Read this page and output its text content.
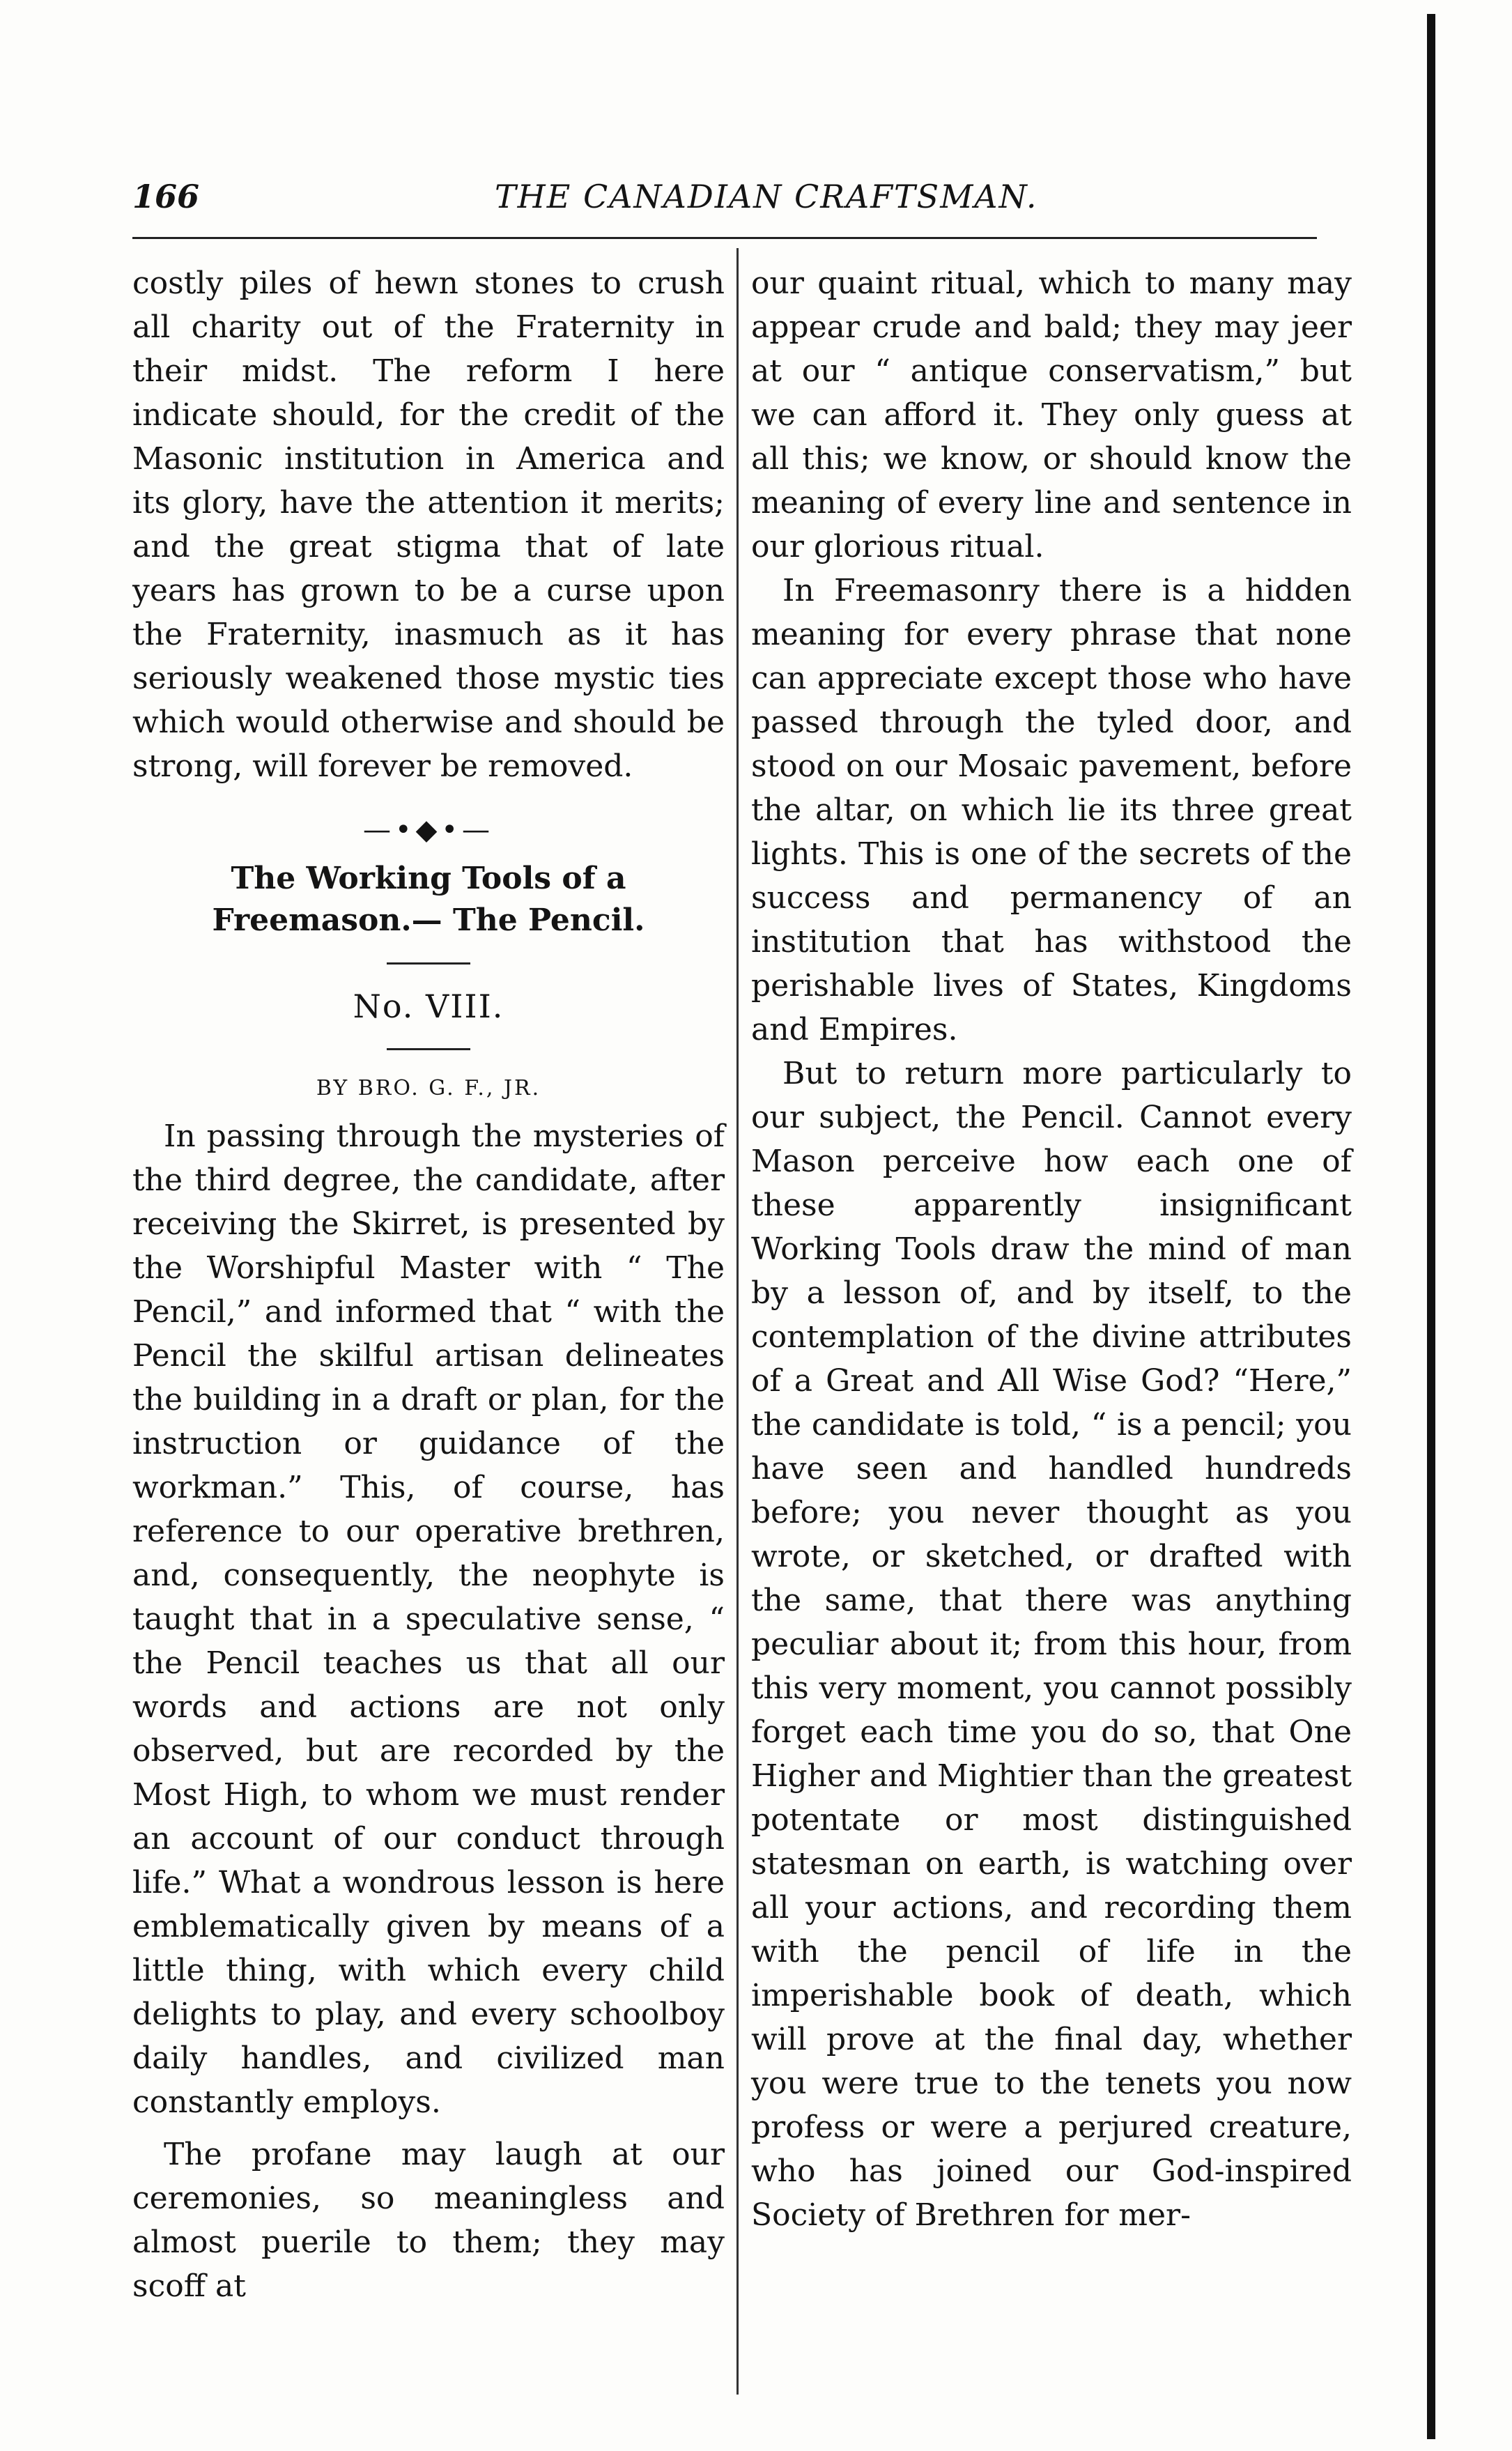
166	THE CANADIAN CRAFTSMAN.

costly piles of hewn stones to crush all charity out of the Fraternity in their midst. The reform I here indicate should, for the credit of the Masonic institution in America and its glory, have the attention it merits; and the great stigma that of late years has grown to be a curse upon the Fraternity, inasmuch as it has seriously weakened those mystic ties which would otherwise and should be strong, will forever be removed.

—•◆•—

The Working Tools of a Freemason.— The Pencil.

No. VIII.
BY BRO. G. F., JR.

In passing through the mysteries of the third degree, the candidate, after receiving the Skirret, is presented by the Worshipful Master with “ The Pencil,” and informed that “ with the Pencil the skilful artisan delineates the building in a draft or plan, for the instruction or guidance of the workman.” This, of course, has reference to our operative brethren, and, consequently, the neophyte is taught that in a speculative sense, “ the Pencil teaches us that all our words and actions are not only observed, but are recorded by the Most High, to whom we must render an account of our conduct through life.” What a wondrous lesson is here emblematically given by means of a little thing, with which every child delights to play, and every schoolboy daily handles, and civilized man constantly employs.

The profane may laugh at our ceremonies, so meaningless and almost puerile to them; they may scoff at

our quaint ritual, which to many may appear crude and bald; they may jeer at our “ antique conservatism,” but we can afford it. They only guess at all this; we know, or should know the meaning of every line and sentence in our glorious ritual.

In Freemasonry there is a hidden meaning for every phrase that none can appreciate except those who have passed through the tyled door, and stood on our Mosaic pavement, before the altar, on which lie its three great lights. This is one of the secrets of the success and permanency of an institution that has withstood the perishable lives of States, Kingdoms and Empires.

But to return more particularly to our subject, the Pencil. Cannot every Mason perceive how each one of these apparently insignificant Working Tools draw the mind of man by a lesson of, and by itself, to the contemplation of the divine attributes of a Great and All Wise God? “Here,” the candidate is told, “ is a pencil; you have seen and handled hundreds before; you never thought as you wrote, or sketched, or drafted with the same, that there was anything peculiar about it; from this hour, from this very moment, you cannot possibly forget each time you do so, that One Higher and Mightier than the greatest potentate or most distinguished statesman on earth, is watching over all your actions, and recording them with the pencil of life in the imperishable book of death, which will prove at the final day, whether you were true to the tenets you now profess or were a perjured creature, who has joined our God-inspired Society of Brethren for mer-
